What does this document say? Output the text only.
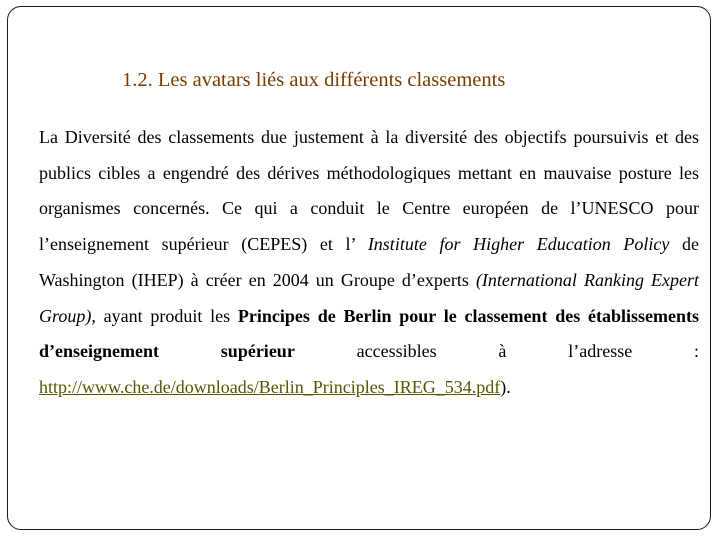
1.2. Les avatars liés aux différents classements
La Diversité des classements due justement à la diversité des objectifs poursuivis et des publics cibles a engendré des dérives méthodologiques mettant en mauvaise posture les organismes concernés. Ce qui a conduit le Centre européen de l’UNESCO pour l’enseignement supérieur (CEPES) et l’ Institute for Higher Education Policy de Washington (IHEP) à créer en 2004 un Groupe d’experts (International Ranking Expert Group), ayant produit les Principes de Berlin pour le classement des établissements d’enseignement supérieur accessibles à l’adresse : http://www.che.de/downloads/Berlin_Principles_IREG_534.pdf).
